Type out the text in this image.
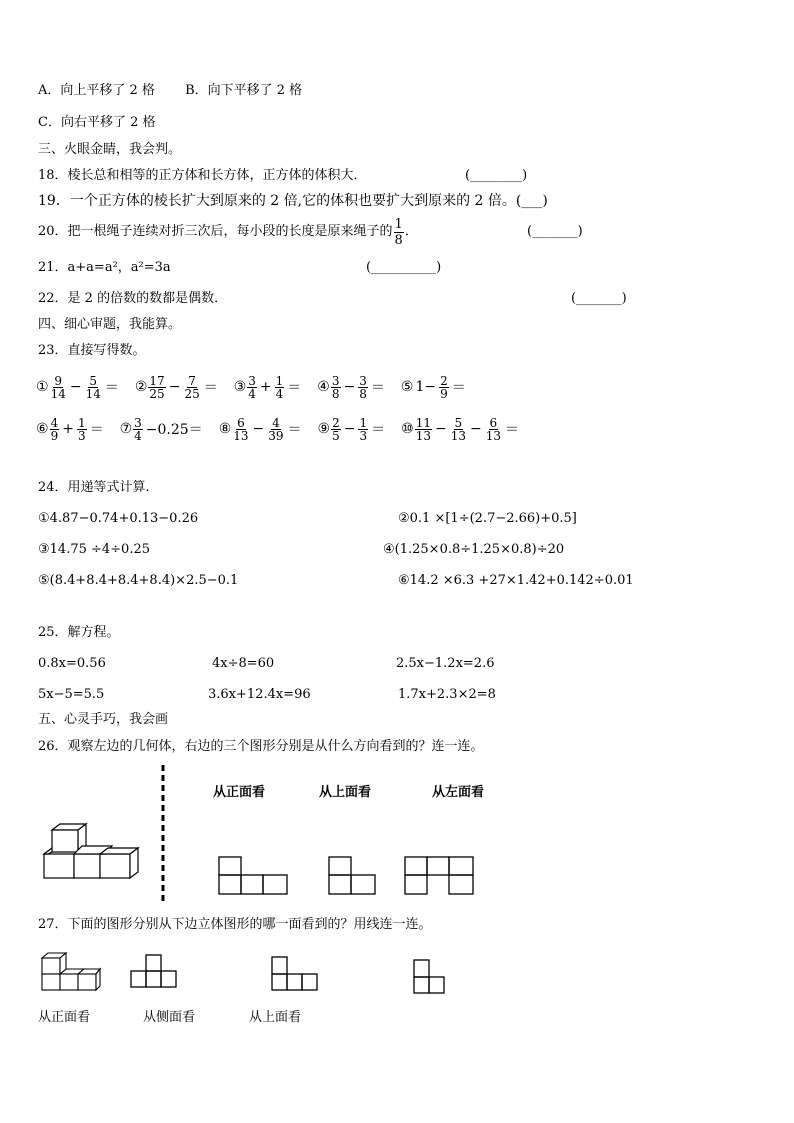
A．向上平移了 2 格 B．向下平移了 2 格
C．向右平移了 2 格
三、火眼金睛，我会判。
18．棱长总和相等的正方体和长方体，正方体的体积大．	(________)
19．一个正方体的棱长扩大到原来的 2 倍,它的体积也要扩大到原来的 2 倍。(___)
20．把一根绳子连续对折三次后，每小段的长度是原来绳子的 $\frac{1}{8}$ ．	(_______)
21．a+a=a²，a²=3a	(__________)
22．是 2 的倍数的数都是偶数．	(_______)
四、细心审题，我能算。
23．直接写得数。
① $\frac{9}{14} - \frac{5}{14}$ ＝ ② $\frac{17}{25} - \frac{7}{25}$ ＝ ③ $\frac{3}{4} + \frac{1}{4}$ ＝ ④ $\frac{3}{8} - \frac{3}{8}$ ＝ ⑤ $1- \frac{2}{9}$ ＝
⑥ $\frac{4}{9} + \frac{1}{3}$ ＝ ⑦ $\frac{3}{4} -0.25=$ ⑧ $\frac{6}{13} - \frac{4}{39}$ ＝ ⑨ $\frac{2}{5} - \frac{1}{3}$ ＝ ⑩ $\frac{11}{13} - \frac{5}{13} - \frac{6}{13}$ ＝
24．用递等式计算.
①4.87−0.74+0.13−0.26	②0.1 ×[1÷(2.7−2.66)+0.5]
③14.75 ÷4÷0.25	④(1.25×0.8÷1.25×0.8)÷20
⑤(8.4+8.4+8.4+8.4)×2.5−0.1	⑥14.2 ×6.3 +27×1.42+0.142÷0.01
25．解方程。
0.8x=0.56	4x÷8=60	2.5x−1.2x=2.6
5x−5=5.5	3.6x+12.4x=96	1.7x+2.3×2=8
五、心灵手巧，我会画
26．观察左边的几何体，右边的三个图形分别是从什么方向看到的？连一连。
从正面看	从上面看	从左面看
27．下面的图形分别从下边立体图形的哪一面看到的？用线连一连。
从正面看	从侧面看	从上面看
